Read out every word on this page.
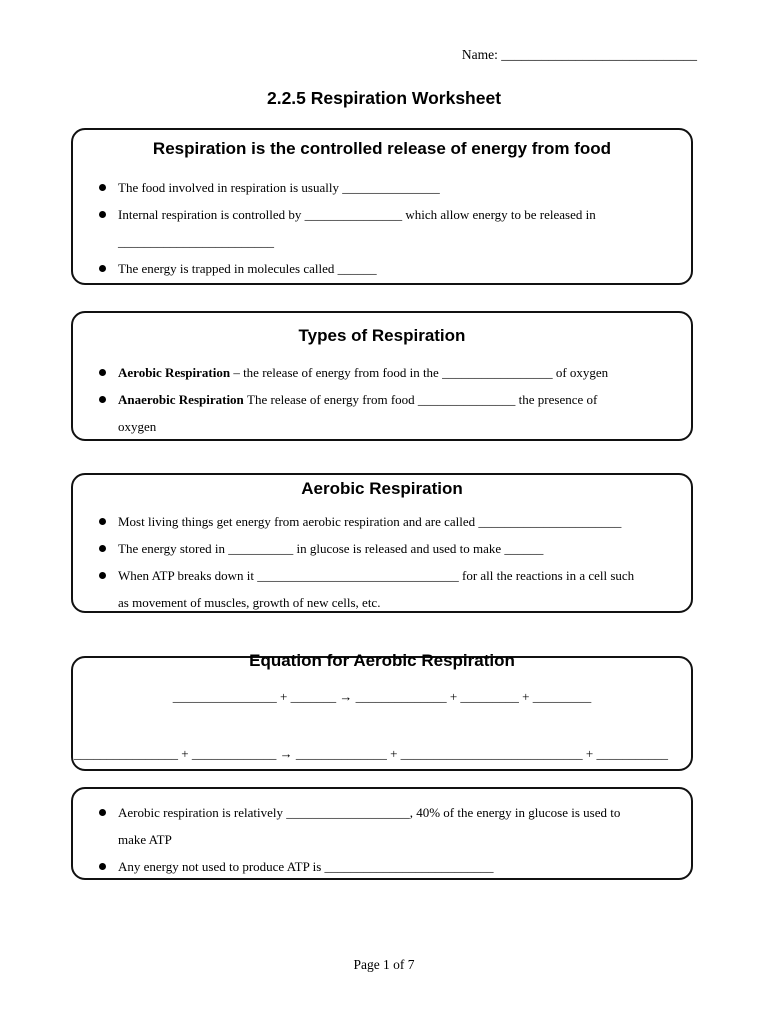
Name: _____________________________
2.2.5 Respiration Worksheet
Respiration is the controlled release of energy from food
The food involved in respiration is usually _______________
Internal respiration is controlled by _______________ which allow energy to be released in
________________________
The energy is trapped in molecules called ______
Types of Respiration
Aerobic Respiration – the release of energy from food in the _________________ of oxygen
Anaerobic Respiration The release of energy from food _______________ the presence of
oxygen
Aerobic Respiration
Most living things get energy from aerobic respiration and are called ______________________
The energy stored in __________ in glucose is released and used to make ______
When ATP breaks down it _______________________________ for all the reactions in a cell such
as movement of muscles, growth of new cells, etc.
Equation for Aerobic Respiration
________________ + _______ → ______________ + _________ + _________
________________ + _____________ → ______________ + ____________________________ + ___________
Aerobic respiration is relatively ___________________, 40% of the energy in glucose is used to
make ATP
Any energy not used to produce ATP is __________________________
Page 1 of 7
